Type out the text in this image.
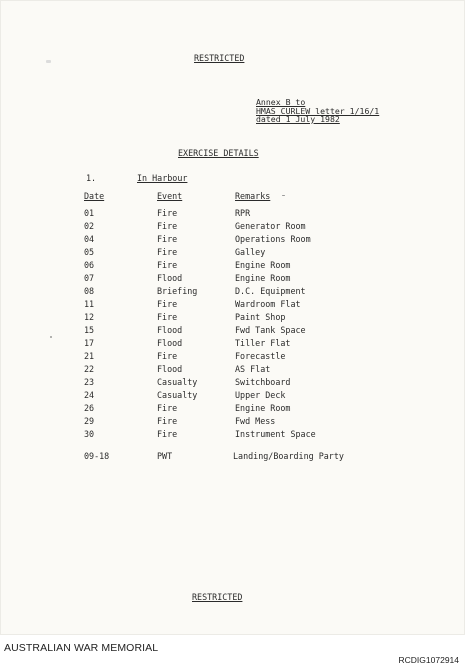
RESTRICTED
Annex B to
HMAS CURLEW letter 1/16/1
dated 1 July 1982
EXERCISE DETAILS
1.	In Harbour
Date	Event	Remarks
01	Fire	RPR
02	Fire	Generator Room
04	Fire	Operations Room
05	Fire	Galley
06	Fire	Engine Room
07	Flood	Engine Room
08	Briefing	D.C. Equipment
11	Fire	Wardroom Flat
12	Fire	Paint Shop
15	Flood	Fwd Tank Space
17	Flood	Tiller Flat
21	Fire	Forecastle
22	Flood	AS Flat
23	Casualty	Switchboard
24	Casualty	Upper Deck
26	Fire	Engine Room
29	Fire	Fwd Mess
30	Fire	Instrument Space
09-18	PWT	Landing/Boarding Party
RESTRICTED
AUSTRALIAN WAR MEMORIAL
RCDIG1072914
